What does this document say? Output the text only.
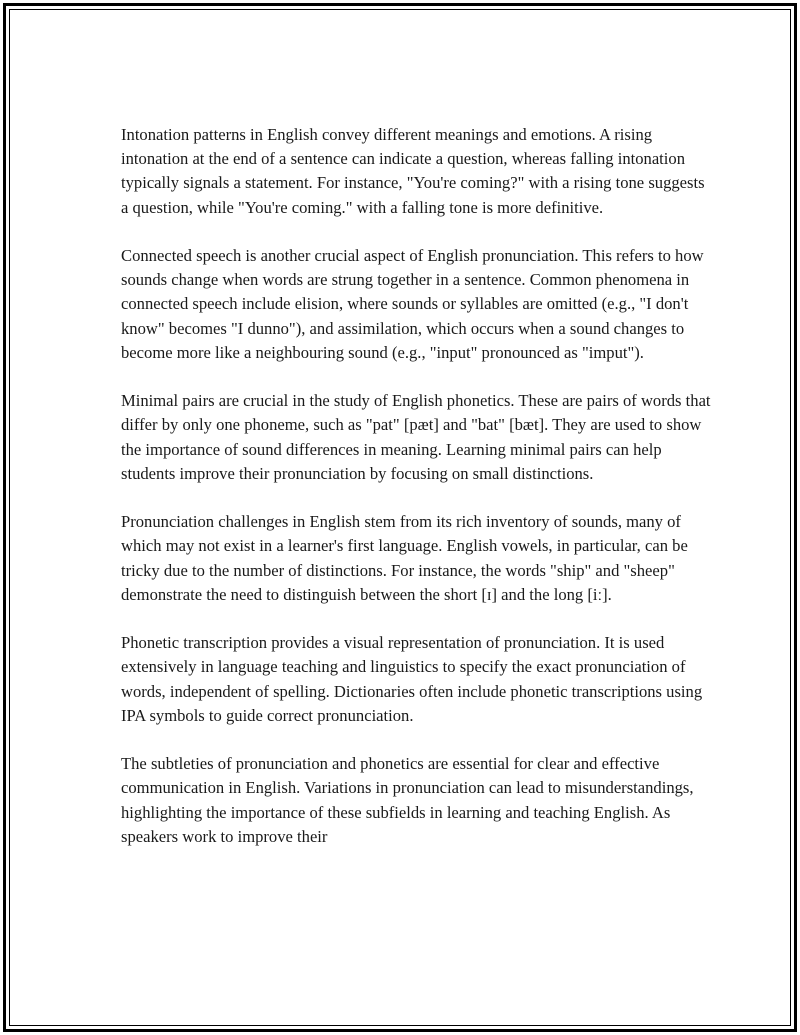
Intonation patterns in English convey different meanings and emotions. A rising intonation at the end of a sentence can indicate a question, whereas falling intonation typically signals a statement. For instance, "You're coming?" with a rising tone suggests a question, while "You're coming." with a falling tone is more definitive.

Connected speech is another crucial aspect of English pronunciation. This refers to how sounds change when words are strung together in a sentence. Common phenomena in connected speech include elision, where sounds or syllables are omitted (e.g., "I don't know" becomes "I dunno"), and assimilation, which occurs when a sound changes to become more like a neighbouring sound (e.g., "input" pronounced as "imput").

Minimal pairs are crucial in the study of English phonetics. These are pairs of words that differ by only one phoneme, such as "pat" [pæt] and "bat" [bæt]. They are used to show the importance of sound differences in meaning. Learning minimal pairs can help students improve their pronunciation by focusing on small distinctions.

Pronunciation challenges in English stem from its rich inventory of sounds, many of which may not exist in a learner's first language. English vowels, in particular, can be tricky due to the number of distinctions. For instance, the words "ship" and "sheep" demonstrate the need to distinguish between the short [ɪ] and the long [iː].

Phonetic transcription provides a visual representation of pronunciation. It is used extensively in language teaching and linguistics to specify the exact pronunciation of words, independent of spelling. Dictionaries often include phonetic transcriptions using IPA symbols to guide correct pronunciation.

The subtleties of pronunciation and phonetics are essential for clear and effective communication in English. Variations in pronunciation can lead to misunderstandings, highlighting the importance of these subfields in learning and teaching English. As speakers work to improve their
